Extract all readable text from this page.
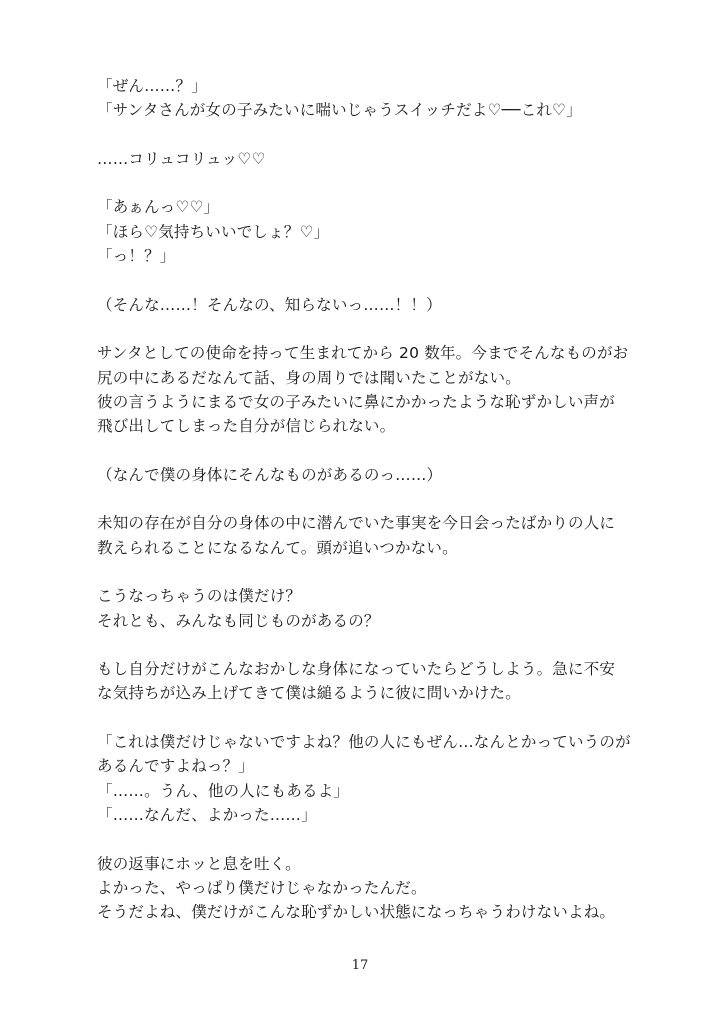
「ぜん……？」
「サンタさんが女の子みたいに喘いじゃうスイッチだよ♡──これ♡」
……コリュコリュッ♡♡
「あぁんっ♡♡」
「ほら♡気持ちいいでしょ？♡」
「っ！？」
（そんな……！そんなの、知らないっ……！！）
サンタとしての使命を持って生まれてから 20 数年。今までそんなものがお
尻の中にあるだなんて話、身の周りでは聞いたことがない。
彼の言うようにまるで女の子みたいに鼻にかかったような恥ずかしい声が
飛び出してしまった自分が信じられない。
（なんで僕の身体にそんなものがあるのっ……）
未知の存在が自分の身体の中に潜んでいた事実を今日会ったばかりの人に
教えられることになるなんて。頭が追いつかない。
こうなっちゃうのは僕だけ？
それとも、みんなも同じものがあるの？
もし自分だけがこんなおかしな身体になっていたらどうしよう。急に不安
な気持ちが込み上げてきて僕は縋るように彼に問いかけた。
「これは僕だけじゃないですよね？他の人にもぜん…なんとかっていうのが
あるんですよねっ？」
「……。うん、他の人にもあるよ」
「……なんだ、よかった……」
彼の返事にホッと息を吐く。
よかった、やっぱり僕だけじゃなかったんだ。
そうだよね、僕だけがこんな恥ずかしい状態になっちゃうわけないよね。
17
